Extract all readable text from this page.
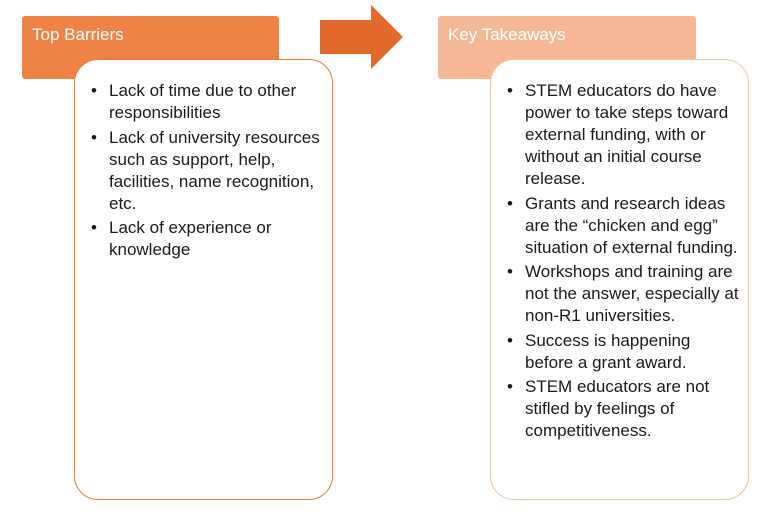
Top Barriers
• Lack of time due to other responsibilities
• Lack of university resources such as support, help, facilities, name recognition, etc.
• Lack of experience or knowledge
Key Takeaways
• STEM educators do have power to take steps toward external funding, with or without an initial course release.
• Grants and research ideas are the “chicken and egg” situation of external funding.
• Workshops and training are not the answer, especially at non-R1 universities.
• Success is happening before a grant award.
• STEM educators are not stifled by feelings of competitiveness.
